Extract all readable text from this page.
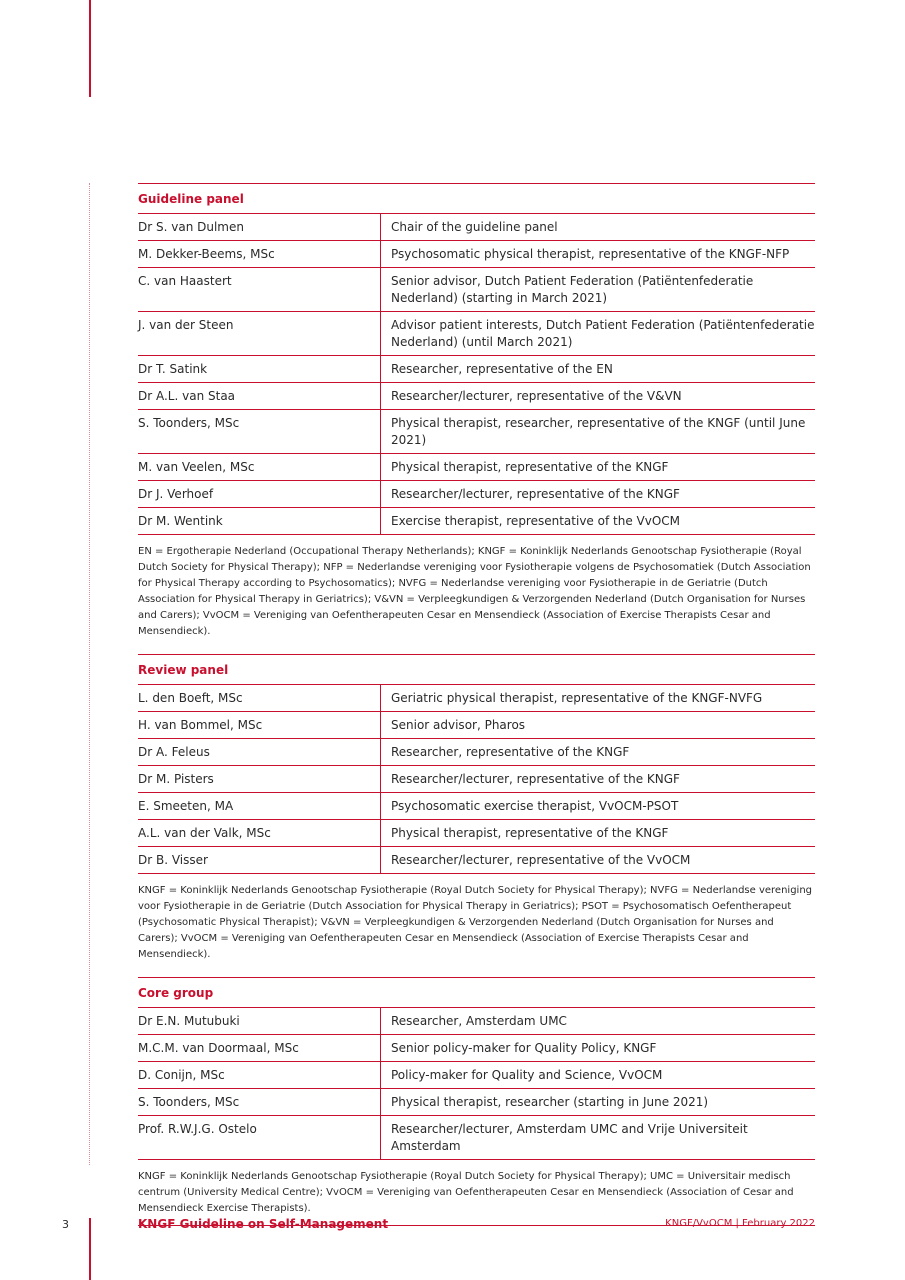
Guideline panel
Dr S. van Dulmen	Chair of the guideline panel
M. Dekker-Beems, MSc	Psychosomatic physical therapist, representative of the KNGF-NFP
C. van Haastert	Senior advisor, Dutch Patient Federation (Patiëntenfederatie Nederland) (starting in March 2021)
J. van der Steen	Advisor patient interests, Dutch Patient Federation (Patiëntenfederatie Nederland) (until March 2021)
Dr T. Satink	Researcher, representative of the EN
Dr A.L. van Staa	Researcher/lecturer, representative of the V&VN
S. Toonders, MSc	Physical therapist, researcher, representative of the KNGF (until June 2021)
M. van Veelen, MSc	Physical therapist, representative of the KNGF
Dr J. Verhoef	Researcher/lecturer, representative of the KNGF
Dr M. Wentink	Exercise therapist, representative of the VvOCM
EN = Ergotherapie Nederland (Occupational Therapy Netherlands); KNGF = Koninklijk Nederlands Genootschap Fysiotherapie (Royal Dutch Society for Physical Therapy); NFP = Nederlandse vereniging voor Fysiotherapie volgens de Psychosomatiek (Dutch Association for Physical Therapy according to Psychosomatics); NVFG = Nederlandse vereniging voor Fysiotherapie in de Geriatrie (Dutch Association for Physical Therapy in Geriatrics); V&VN = Verpleegkundigen & Verzorgenden Nederland (Dutch Organisation for Nurses and Carers); VvOCM = Vereniging van Oefentherapeuten Cesar en Mensendieck (Association of Exercise Therapists Cesar and Mensendieck).
Review panel
L. den Boeft, MSc	Geriatric physical therapist, representative of the KNGF-NVFG
H. van Bommel, MSc	Senior advisor, Pharos
Dr A. Feleus	Researcher, representative of the KNGF
Dr M. Pisters	Researcher/lecturer, representative of the KNGF
E. Smeeten, MA	Psychosomatic exercise therapist, VvOCM-PSOT
A.L. van der Valk, MSc	Physical therapist, representative of the KNGF
Dr B. Visser	Researcher/lecturer, representative of the VvOCM
KNGF = Koninklijk Nederlands Genootschap Fysiotherapie (Royal Dutch Society for Physical Therapy); NVFG = Nederlandse vereniging voor Fysiotherapie in de Geriatrie (Dutch Association for Physical Therapy in Geriatrics); PSOT = Psychosomatisch Oefentherapeut (Psychosomatic Physical Therapist); V&VN = Verpleegkundigen & Verzorgenden Nederland (Dutch Organisation for Nurses and Carers); VvOCM = Vereniging van Oefentherapeuten Cesar en Mensendieck (Association of Exercise Therapists Cesar and Mensendieck).
Core group
Dr E.N. Mutubuki	Researcher, Amsterdam UMC
M.C.M. van Doormaal, MSc	Senior policy-maker for Quality Policy, KNGF
D. Conijn, MSc	Policy-maker for Quality and Science, VvOCM
S. Toonders, MSc	Physical therapist, researcher (starting in June 2021)
Prof. R.W.J.G. Ostelo	Researcher/lecturer, Amsterdam UMC and Vrije Universiteit Amsterdam
KNGF = Koninklijk Nederlands Genootschap Fysiotherapie (Royal Dutch Society for Physical Therapy); UMC = Universitair medisch centrum (University Medical Centre); VvOCM = Vereniging van Oefentherapeuten Cesar en Mensendieck (Association of Cesar and Mensendieck Exercise Therapists).
3	KNGF Guideline on Self-Management	KNGF/VvOCM | February 2022
